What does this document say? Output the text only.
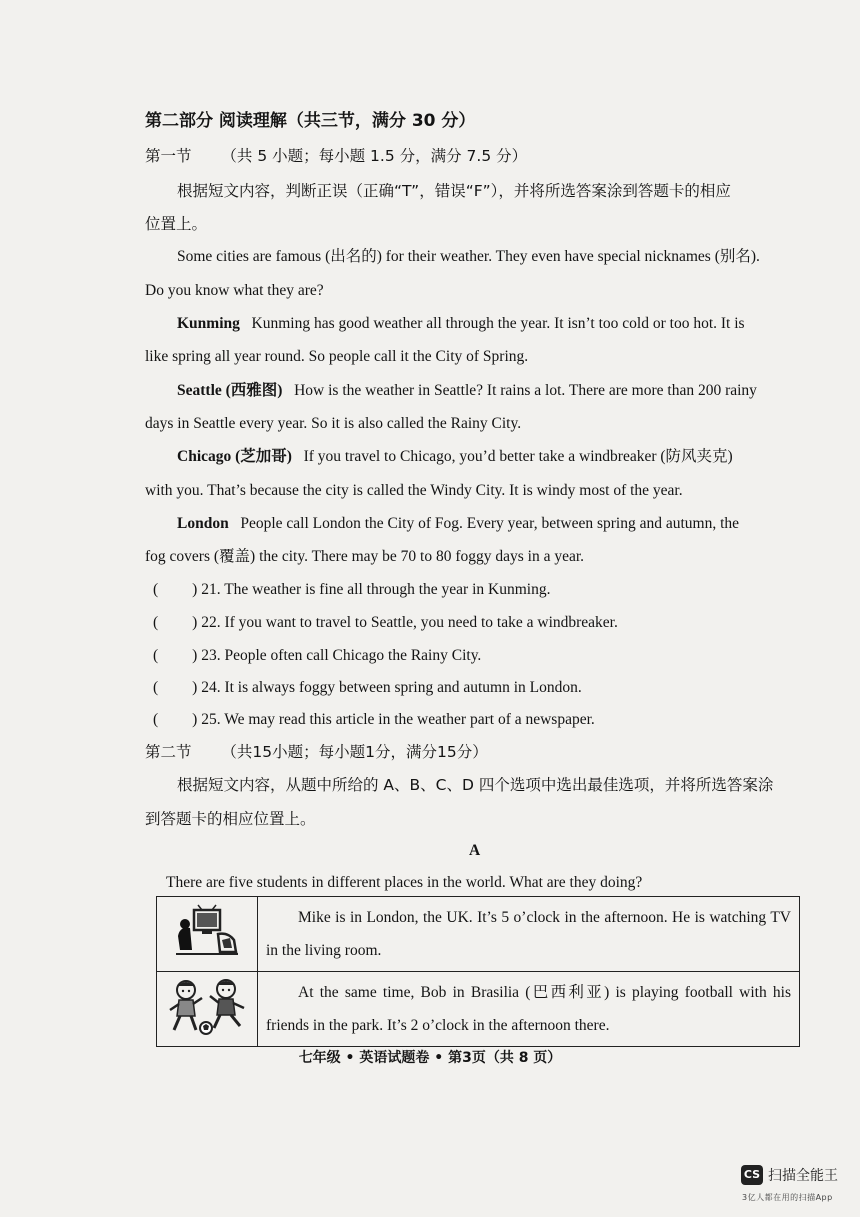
第二部分 阅读理解（共三节，满分 30 分）
第一节 （共 5 小题；每小题 1.5 分，满分 7.5 分）
根据短文内容，判断正误（正确“T”，错误“F”），并将所选答案涂到答题卡的相应
位置上。
Some cities are famous (出名的) for their weather. They even have special nicknames (别名).
Do you know what they are?
Kunming Kunming has good weather all through the year. It isn’t too cold or too hot. It is
like spring all year round. So people call it the City of Spring.
Seattle (西雅图) How is the weather in Seattle? It rains a lot. There are more than 200 rainy
days in Seattle every year. So it is also called the Rainy City.
Chicago (芝加哥) If you travel to Chicago, you’d better take a windbreaker (防风夹克)
with you. That’s because the city is called the Windy City. It is windy most of the year.
London People call London the City of Fog. Every year, between spring and autumn, the
fog covers (覆盖) the city. There may be 70 to 80 foggy days in a year.
( ) 21. The weather is fine all through the year in Kunming.
( ) 22. If you want to travel to Seattle, you need to take a windbreaker.
( ) 23. People often call Chicago the Rainy City.
( ) 24. It is always foggy between spring and autumn in London.
( ) 25. We may read this article in the weather part of a newspaper.
第二节 （共15小题；每小题1分，满分15分）
根据短文内容，从题中所给的 A、B、C、D 四个选项中选出最佳选项，并将所选答案涂
到答题卡的相应位置上。
A
There are five students in different places in the world. What are they doing?
	Mike is in London, the UK. It’s 5 o’clock in the afternoon. He is watching TV in the living room.
	At the same time, Bob in Brasilia (巴西利亚) is playing football with his friends in the park. It’s 2 o’clock in the afternoon there.
七年级 • 英语试题卷 • 第3页（共 8 页）
CS 扫描全能王
3亿人都在用的扫描App
